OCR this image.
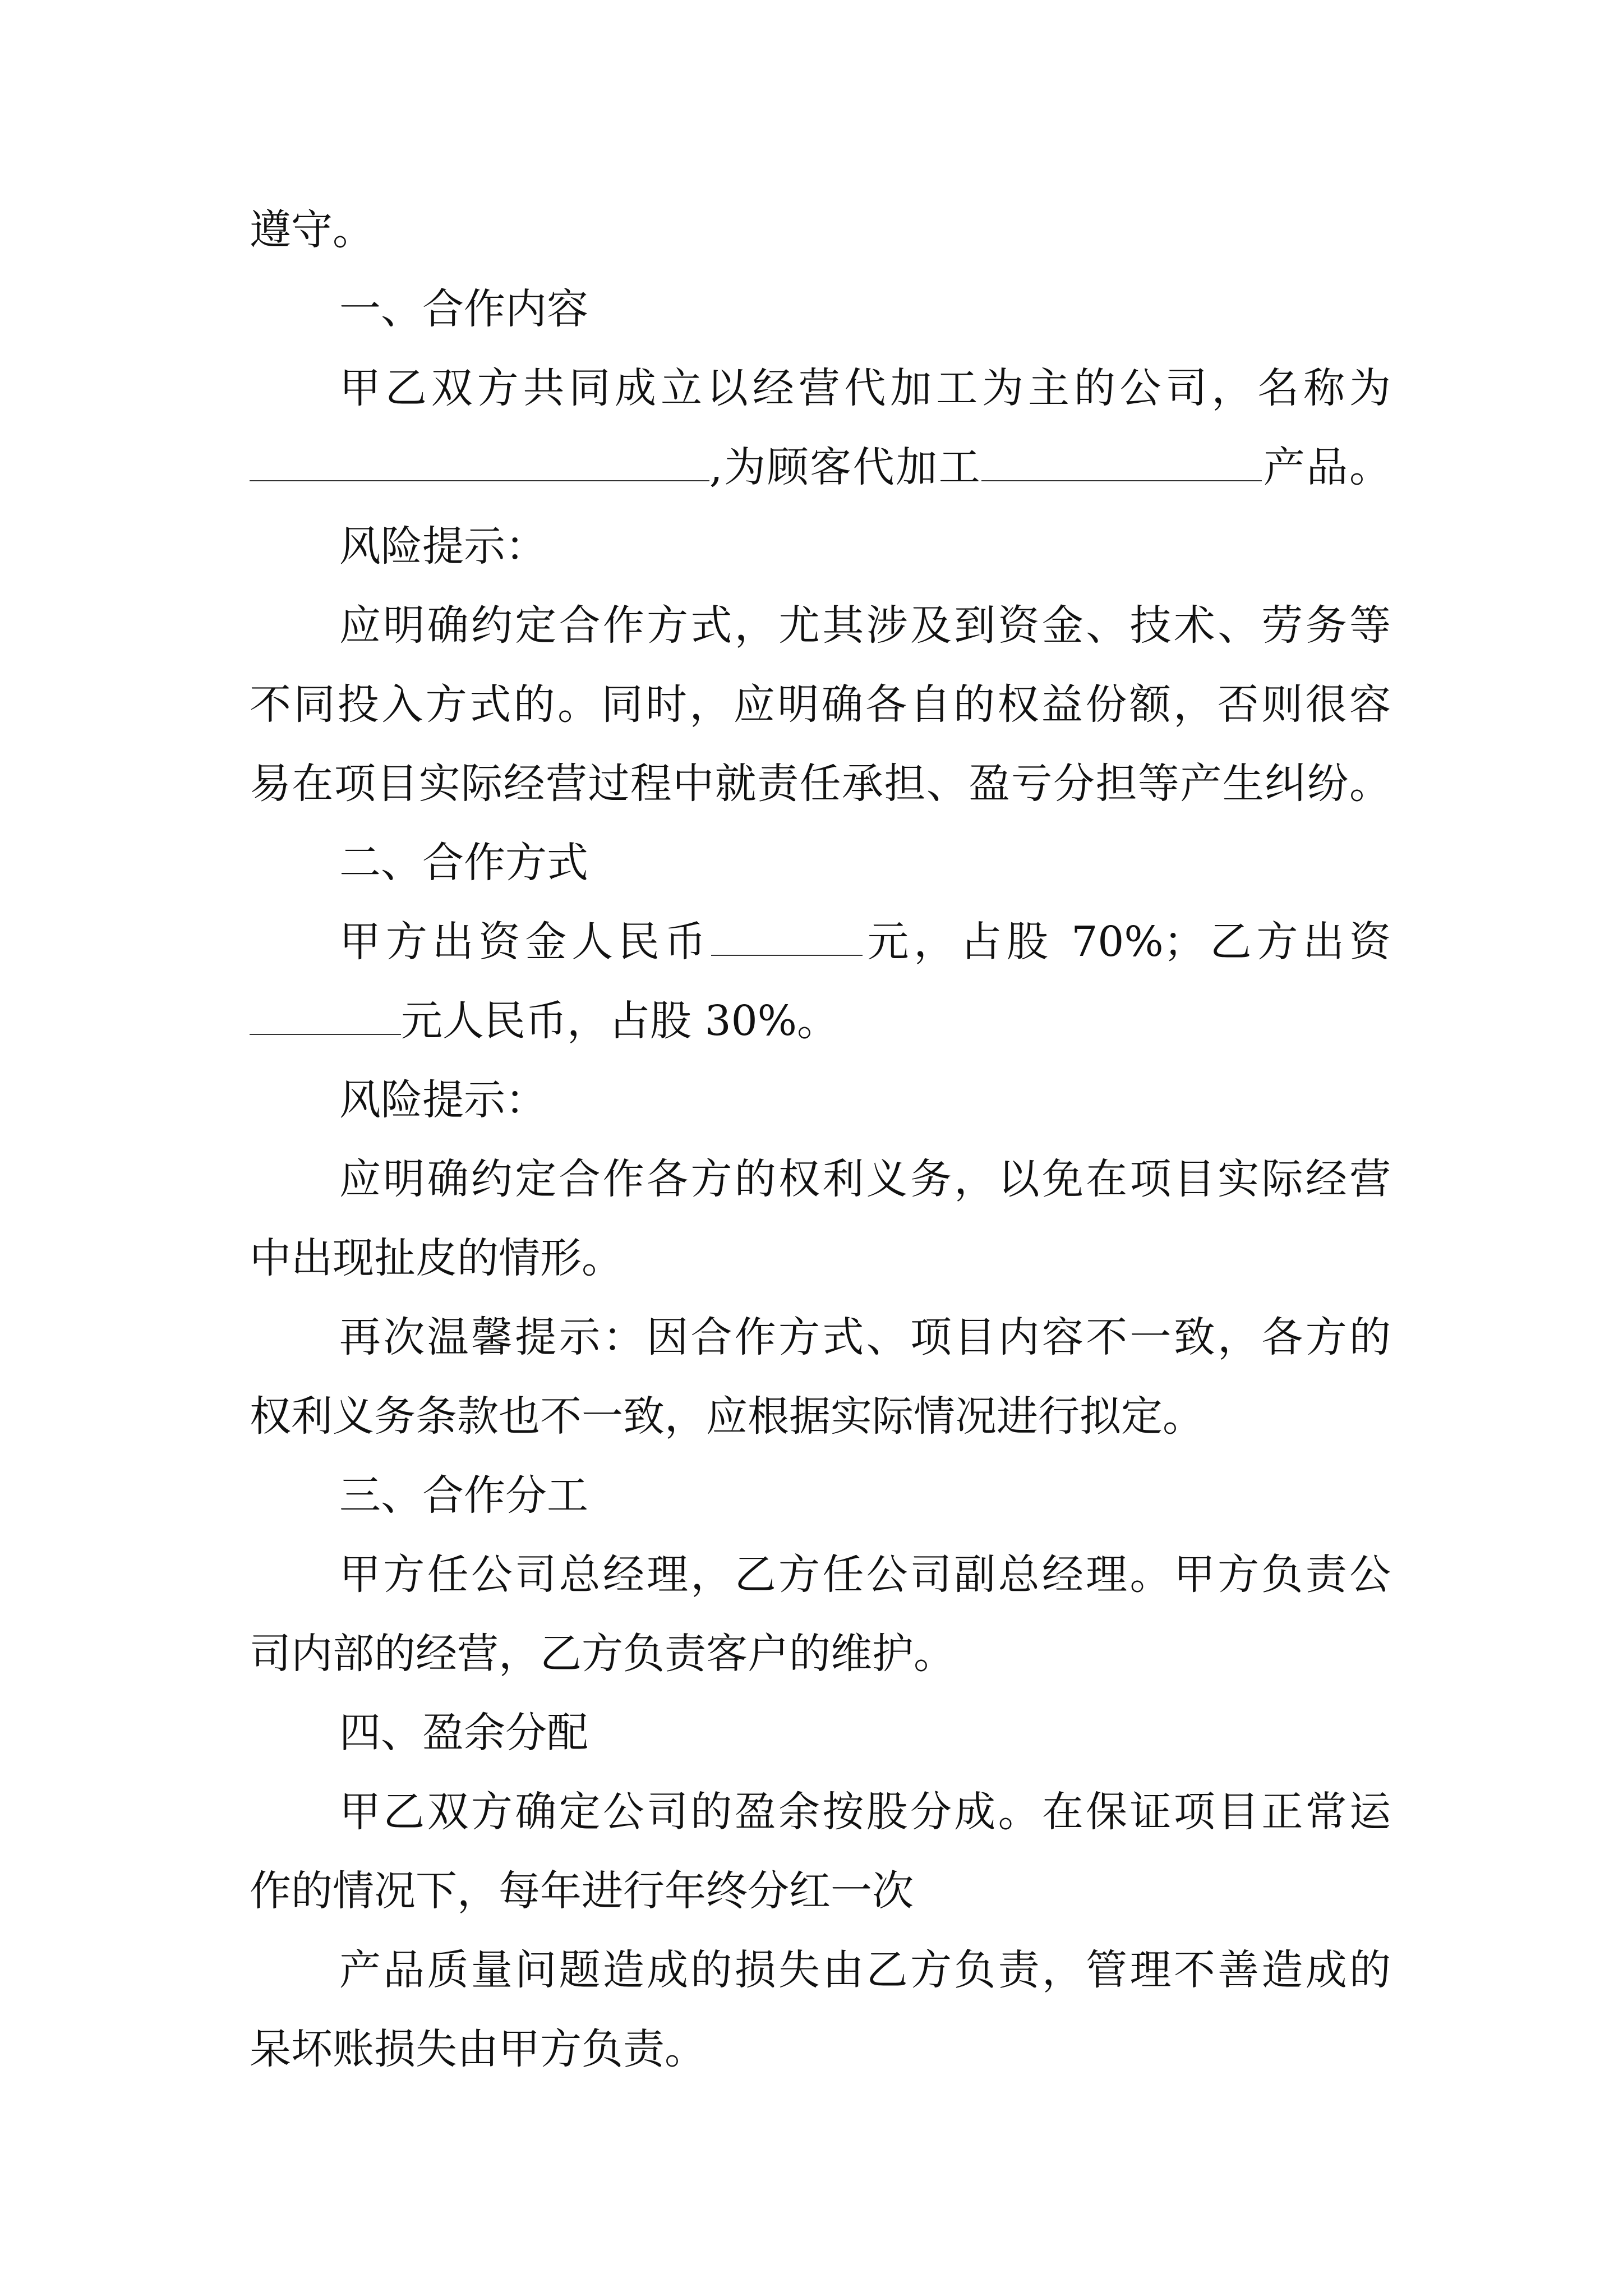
遵守。
一、合作内容
甲乙双方共同成立以经营代加工为主的公司，名称为
,为顾客代加工	产品。
风险提示：
应明确约定合作方式，尤其涉及到资金、技术、劳务等
不同投入方式的。同时，应明确各自的权益份额，否则很容
易在项目实际经营过程中就责任承担、盈亏分担等产生纠纷。
二、合作方式
甲方出资金人民币	元，占股 70%；乙方出资
元人民币，占股 30%。
风险提示：
应明确约定合作各方的权利义务，以免在项目实际经营
中出现扯皮的情形。
再次温馨提示：因合作方式、项目内容不一致，各方的
权利义务条款也不一致，应根据实际情况进行拟定。
三、合作分工
甲方任公司总经理，乙方任公司副总经理。甲方负责公
司内部的经营，乙方负责客户的维护。
四、盈余分配
甲乙双方确定公司的盈余按股分成。在保证项目正常运
作的情况下，每年进行年终分红一次
产品质量问题造成的损失由乙方负责，管理不善造成的
呆坏账损失由甲方负责。
